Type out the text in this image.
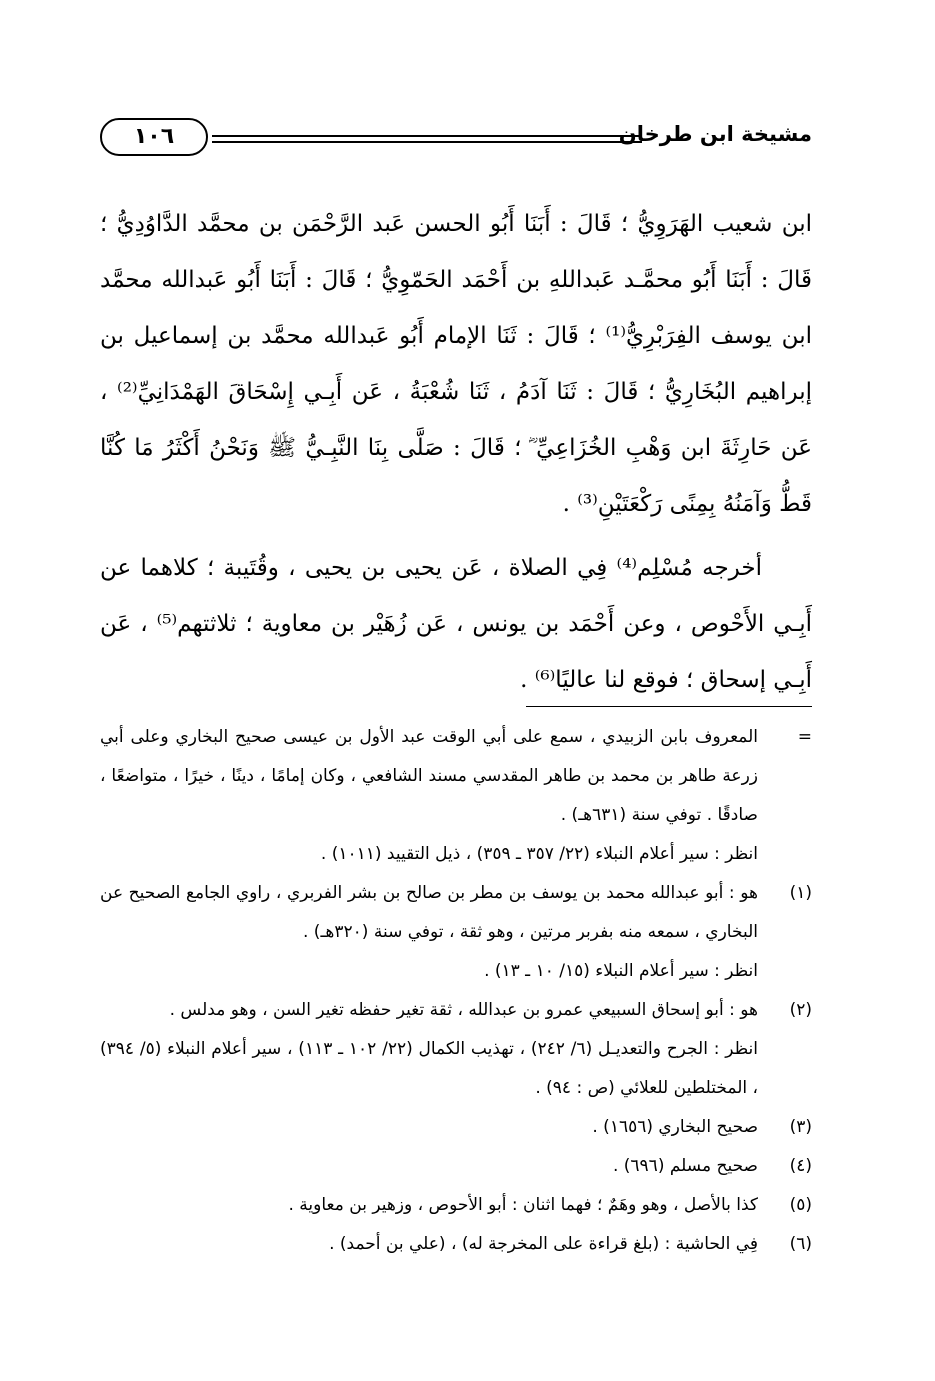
مشيخة ابن طرخان
١٠٦

ابن شعيب الهَرَوِيُّ ؛ قَالَ : أَبَنَا أَبُو الحسن عَبد الرَّحْمَن بن محمَّد الدَّاوُدِيُّ ؛ قَالَ : أَبَنَا أَبُو محمَّـد عَبداللهِ بن أَحْمَد الحَمّوِيُّ ؛ قَالَ : أَبَنَا أَبُو عَبدالله محمَّد ابن يوسف الفِرَبْرِيُّ⁽¹⁾ ؛ قَالَ : ثَنَا الإمام أَبُو عَبدالله محمَّد بن إسماعيل بن إبراهيم البُخَارِيُّ ؛ قَالَ : ثَنَا آدَمُ ، ثَنَا شُعْبَةُ ، عَن أَبِـي إِسْحَاقَ الهَمْدَانِيِّ⁽²⁾ ، عَن حَارِثَةَ ابن وَهْبِ الخُزَاعِيِّ ؓ ؛ قَالَ : صَلَّى بِنَا النَّبِـيُّ ﷺ وَنَحْنُ أَكْثَرُ مَا كُنَّا قَطُّ وَآمَنُهُ بِمِنًى رَكْعَتَيْنِ⁽³⁾ .

أخرجه مُسْلِم⁽⁴⁾ فِي الصلاة ، عَن يحيى بن يحيى ، وقُتَيبة ؛ كلاهما عن أَبِـي الأَحْوص ، وعن أَحْمَد بن يونس ، عَن زُهَيْر بن معاوية ؛ ثلاثتهم⁽⁵⁾ ، عَن أَبِـي إسحاق ؛ فوقع لنا عاليًا⁽⁶⁾ .

=
المعروف بابن الزبيدي ، سمع على أبي الوقت عبد الأول بن عيسى صحيح البخاري وعلى أبي زرعة طاهر بن محمد بن طاهر المقدسي مسند الشافعي ، وكان إمامًا ، دينًا ، خيرًا ، متواضعًا ، صادقًا . توفي سنة (٦٣١هـ) .
انظر : سير أعلام النبلاء (٢٢/ ٣٥٧ ـ ٣٥٩) ، ذيل التقييد (١٠١١) .
(١)
هو : أبو عبدالله محمد بن يوسف بن مطر بن صالح بن بشر الفربري ، راوي الجامع الصحيح عن البخاري ، سمعه منه بفربر مرتين ، وهو ثقة ، توفي سنة (٣٢٠هـ) .
انظر : سير أعلام النبلاء (١٥/ ١٠ ـ ١٣) .
(٢)
هو : أبو إسحاق السبيعي عمرو بن عبدالله ، ثقة تغير حفظه تغير السن ، وهو مدلس .
انظر : الجرح والتعديـل (٦/ ٢٤٢) ، تهذيب الكمال (٢٢/ ١٠٢ ـ ١١٣) ، سير أعلام النبلاء (٥/ ٣٩٤) ، المختلطين للعلائي (ص : ٩٤) .
(٣)
صحيح البخاري (١٦٥٦) .
(٤)
صحيح مسلم (٦٩٦) .
(٥)
كذا بالأصل ، وهو وهَمٌ ؛ فهما اثنان : أبو الأحوص ، وزهير بن معاوية .
(٦)
فِي الحاشية : (بلغ قراءة على المخرجة له) ، (علي بن أحمد) .
